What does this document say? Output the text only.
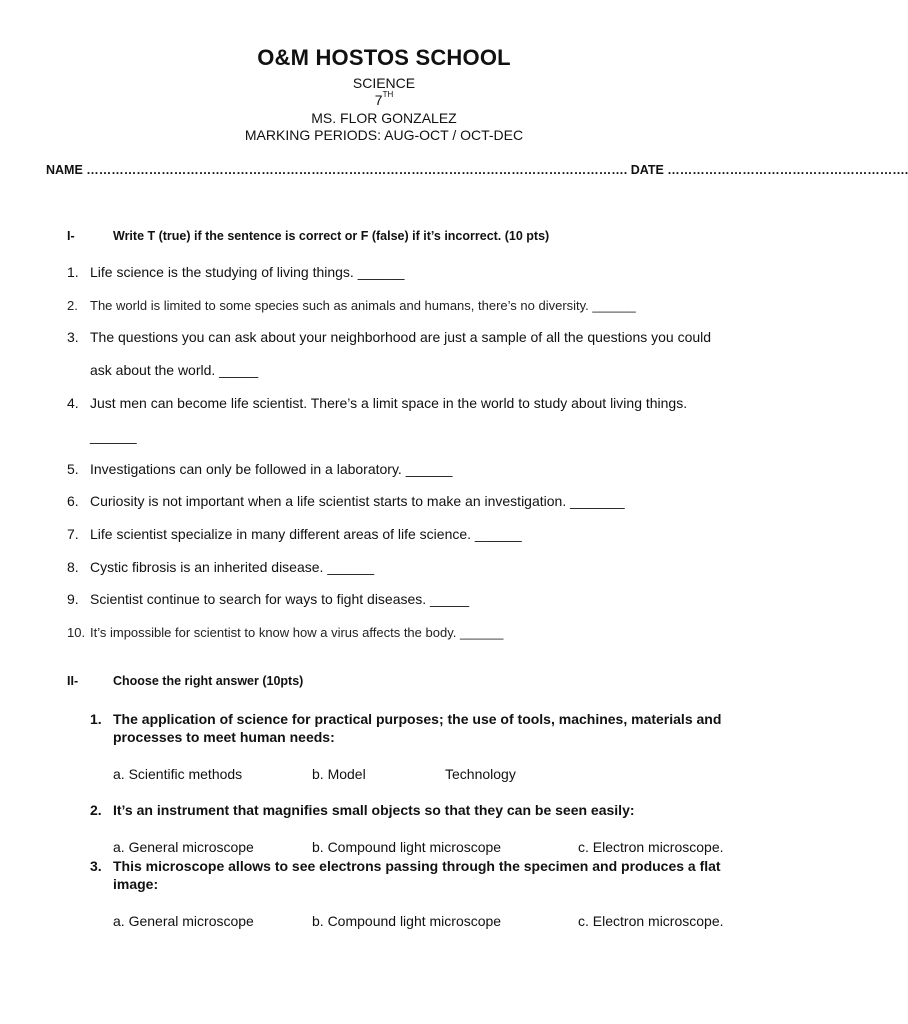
O&M HOSTOS SCHOOL
SCIENCE
7TH
MS. FLOR GONZALEZ
MARKING PERIODS: AUG-OCT / OCT-DEC
NAME …………………………………………………………………………………………………………………. DATE ………………………………………………….
I-	Write T (true) if the sentence is correct or F (false) if it’s incorrect. (10 pts)
1. Life science is the studying of living things. ______
2. The world is limited to some species such as animals and humans, there’s no diversity. ______
3. The questions you can ask about your neighborhood are just a sample of all the questions you could
ask about the world. _____
4. Just men can become life scientist. There’s a limit space in the world to study about living things.
______
5. Investigations can only be followed in a laboratory. ______
6. Curiosity is not important when a life scientist starts to make an investigation. _______
7. Life scientist specialize in many different areas of life science. ______
8. Cystic fibrosis is an inherited disease. ______
9. Scientist continue to search for ways to fight diseases. _____
10. It’s impossible for scientist to know how a virus affects the body. ______
II-	Choose the right answer (10pts)
1. The application of science for practical purposes; the use of tools, machines, materials and processes to meet human needs:
a. Scientific methods	b. Model	Technology
2. It’s an instrument that magnifies small objects so that they can be seen easily:
a. General microscope	b. Compound light microscope	c. Electron microscope.
3. This microscope allows to see electrons passing through the specimen and produces a flat image:
a. General microscope	b. Compound light microscope	c. Electron microscope.
